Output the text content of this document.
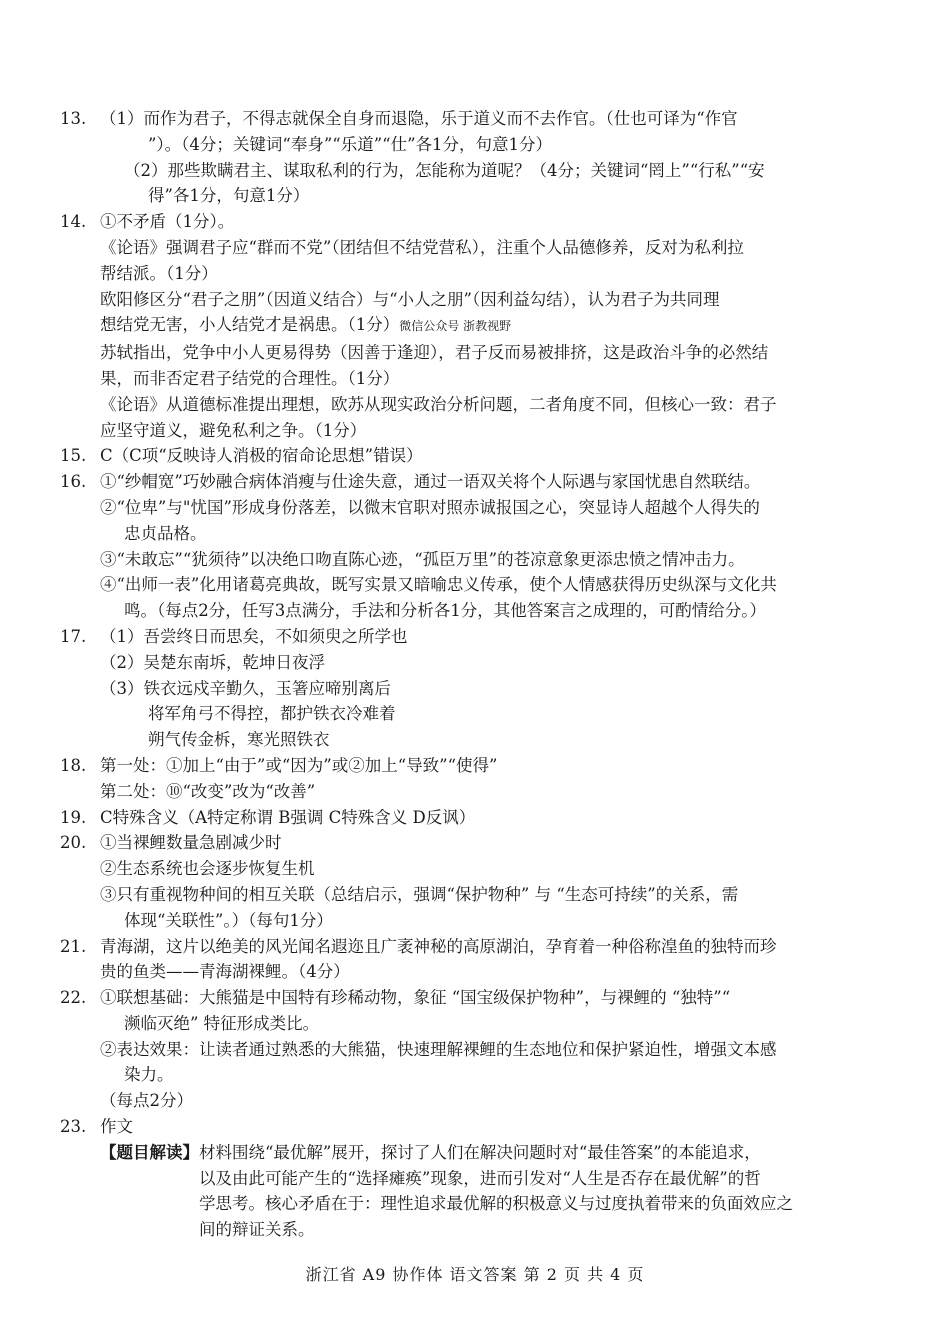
13. （1）而作为君子，不得志就保全自身而退隐，乐于道义而不去作官。（仕也可译为“作官
”）。（4分；关键词“奉身”“乐道”“仕”各1分，句意1分）
（2）那些欺瞒君主、谋取私利的行为，怎能称为道呢？（4分；关键词“罔上”“行私”“安
得”各1分，句意1分）
14. ①不矛盾（1分）。
《论语》强调君子应“群而不党”（团结但不结党营私），注重个人品德修养，反对为私利拉
帮结派。（1分）
欧阳修区分“君子之朋”（因道义结合）与“小人之朋”（因利益勾结），认为君子为共同理
想结党无害，小人结党才是祸患。（1分）微信公众号 浙教视野
苏轼指出，党争中小人更易得势（因善于逢迎），君子反而易被排挤，这是政治斗争的必然结
果，而非否定君子结党的合理性。（1分）
《论语》从道德标准提出理想，欧苏从现实政治分析问题，二者角度不同，但核心一致：君子
应坚守道义，避免私利之争。（1分）
15. C（C项“反映诗人消极的宿命论思想”错误）
16. ①“纱帽宽”巧妙融合病体消瘦与仕途失意，通过一语双关将个人际遇与家国忧患自然联结。
②“位卑”与"忧国”形成身份落差，以微末官职对照赤诚报国之心，突显诗人超越个人得失的
忠贞品格。
③“未敢忘”“犹须待”以决绝口吻直陈心迹，“孤臣万里”的苍凉意象更添忠愤之情冲击力。
④“出师一表”化用诸葛亮典故，既写实景又暗喻忠义传承，使个人情感获得历史纵深与文化共
鸣。（每点2分，任写3点满分，手法和分析各1分，其他答案言之成理的，可酌情给分。）
17. （1）吾尝终日而思矣，不如须臾之所学也
（2）吴楚东南坼，乾坤日夜浮
（3）铁衣远戍辛勤久，玉箸应啼别离后
将军角弓不得控，都护铁衣冷难着
朔气传金柝，寒光照铁衣
18. 第一处：①加上“由于”或“因为”或②加上“导致”“使得”
第二处：⑩“改变”改为“改善”
19. C特殊含义（A特定称谓 B强调 C特殊含义 D反讽）
20. ①当裸鲤数量急剧减少时
②生态系统也会逐步恢复生机
③只有重视物种间的相互关联（总结启示，强调“保护物种” 与 “生态可持续”的关系，需
体现“关联性”。）（每句1分）
21. 青海湖，这片以绝美的风光闻名遐迩且广袤神秘的高原湖泊，孕育着一种俗称湟鱼的独特而珍
贵的鱼类——青海湖裸鲤。（4分）
22. ①联想基础：大熊猫是中国特有珍稀动物，象征 “国宝级保护物种”，与裸鲤的 “独特”“
濒临灭绝” 特征形成类比。
②表达效果：让读者通过熟悉的大熊猫，快速理解裸鲤的生态地位和保护紧迫性，增强文本感
染力。
（每点2分）
23. 作文
【题目解读】 材料围绕“最优解”展开，探讨了人们在解决问题时对“最佳答案”的本能追求，
以及由此可能产生的“选择瘫痪”现象，进而引发对“人生是否存在最优解”的哲
学思考。核心矛盾在于：理性追求最优解的积极意义与过度执着带来的负面效应之
间的辩证关系。
浙江省 A9 协作体 语文答案 第 2 页 共 4 页
